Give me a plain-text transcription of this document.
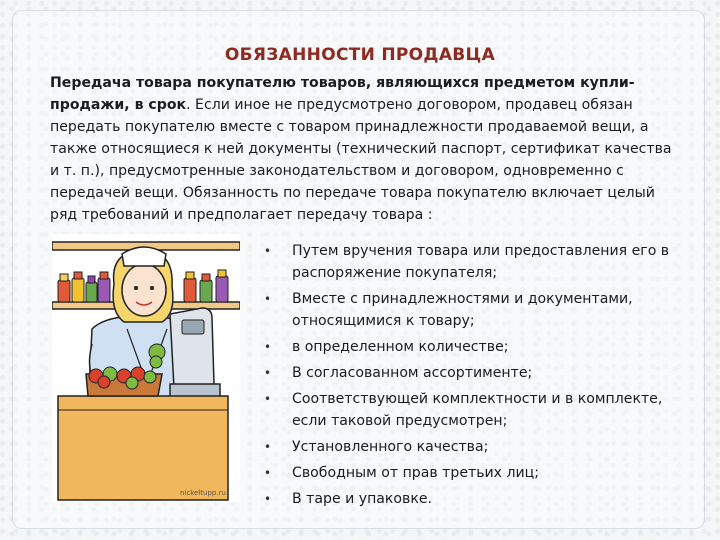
ОБЯЗАННОСТИ ПРОДАВЦА
Передача товара покупателю товаров, являющихся предметом купли-продажи, в срок. Если иное не предусмотрено договором, продавец обязан передать покупателю вместе с товаром принадлежности продаваемой вещи, а также относящиеся к ней документы (технический паспорт, сертификат качества и т. п.), предусмотренные законодательством и договором, одновременно с передачей вещи. Обязанность по передаче товара покупателю включает целый ряд требований и предполагает передачу товара :
nickeltupp.ru
•	Путем вручения товара или предоставления его в распоряжение покупателя;
•	Вместе с принадлежностями и документами, относящимися к товару;
•	в определенном количестве;
•	В согласованном ассортименте;
•	Соответствующей комплектности и в комплекте, если таковой предусмотрен;
•	Установленного качества;
•	Свободным от прав третьих лиц;
•	В таре и упаковке.
